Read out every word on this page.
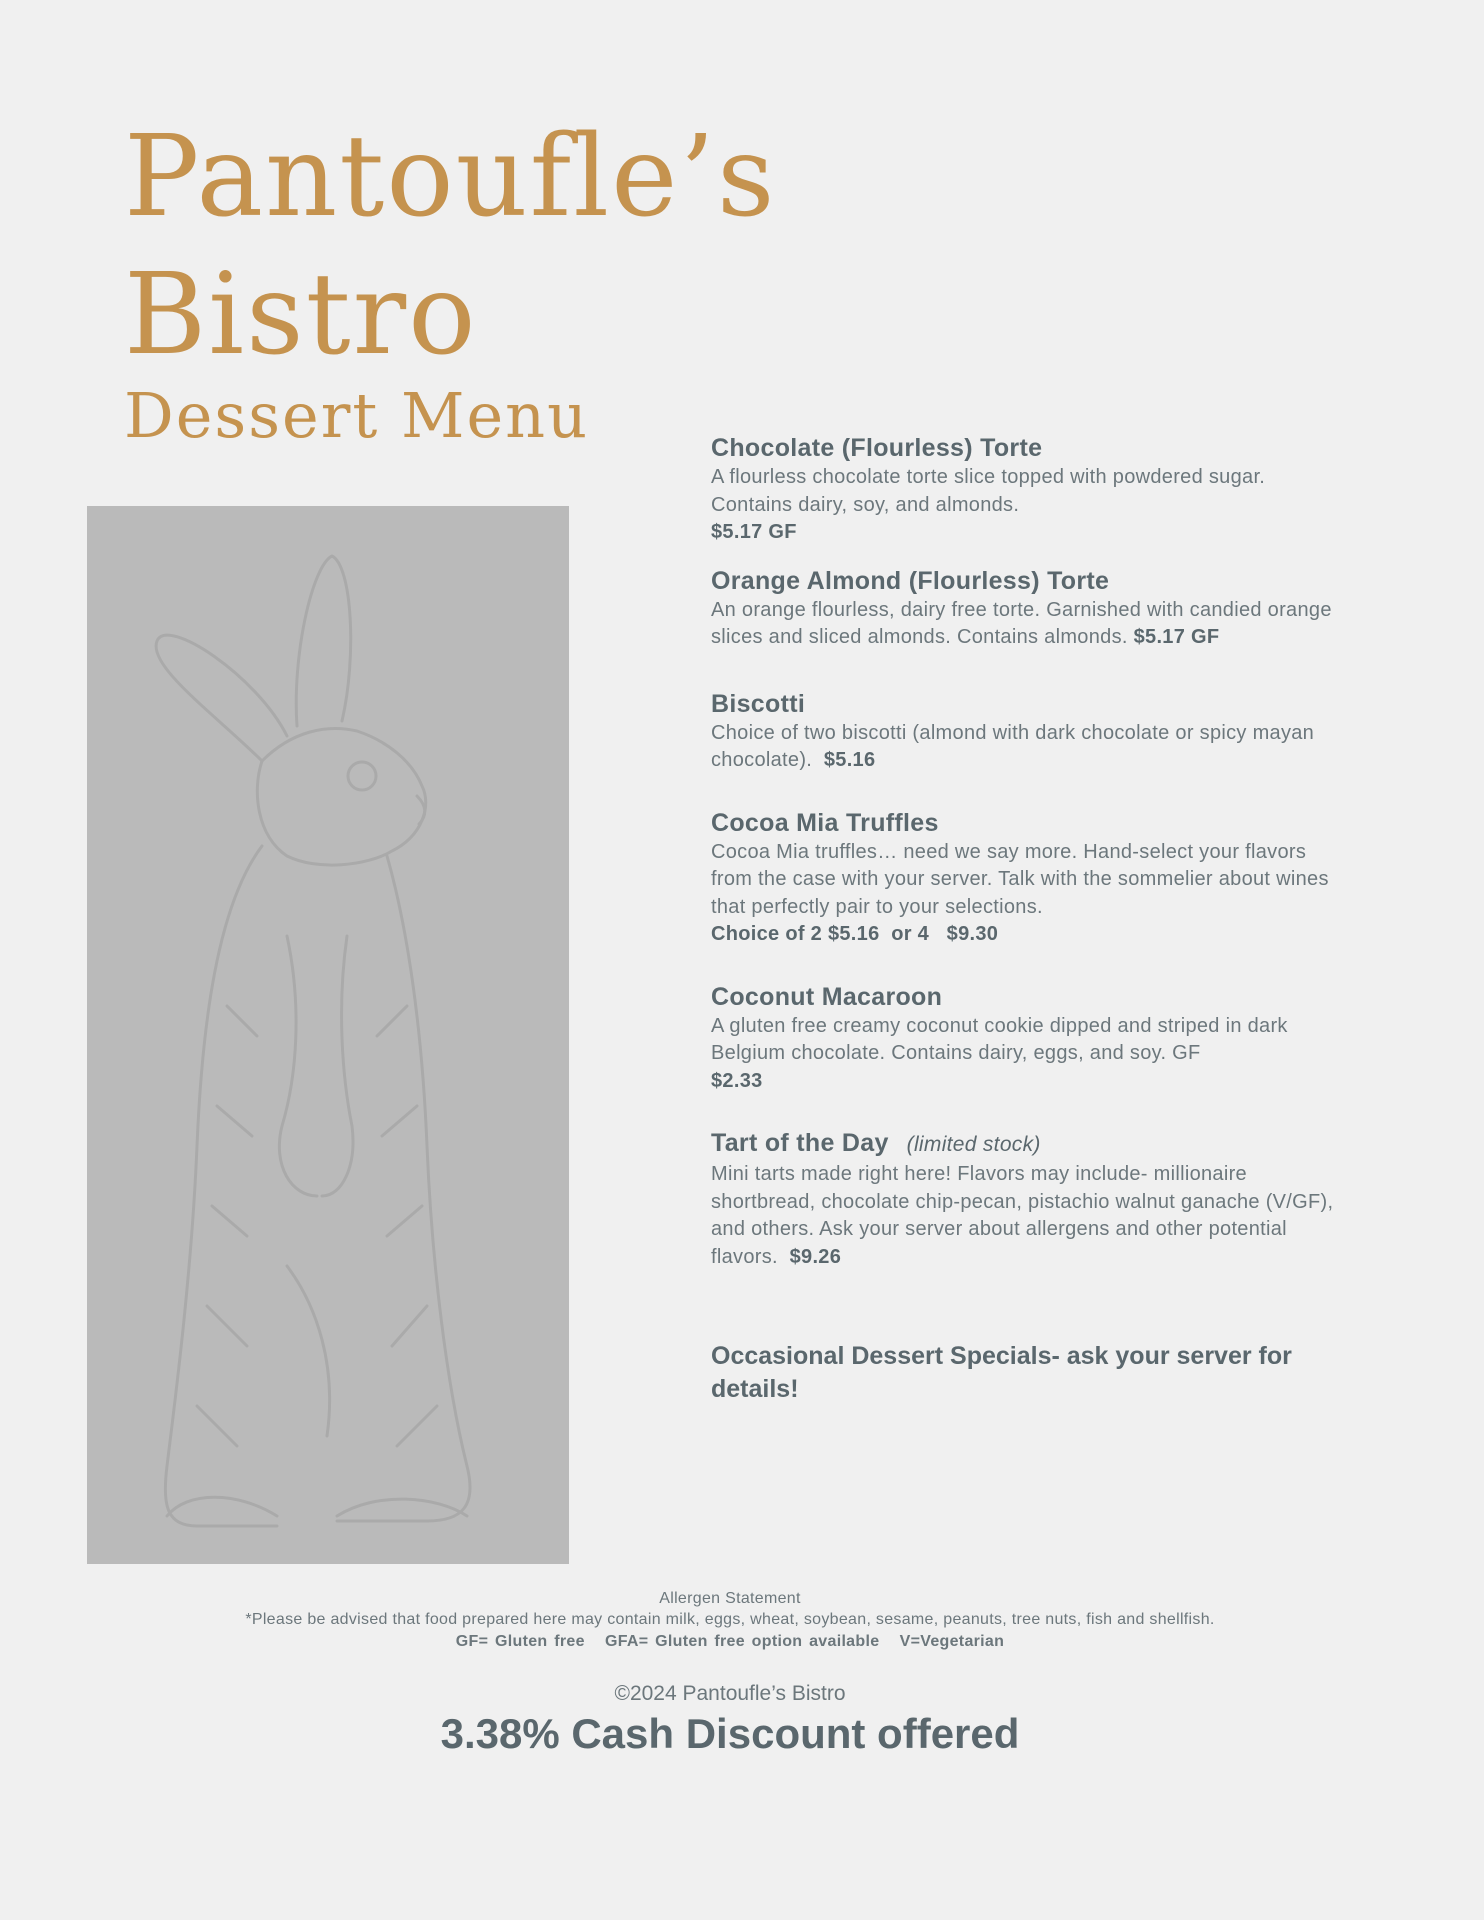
Pantoufle’s
Bistro
Dessert Menu	Chocolate (Flourless) Torte
A flourless chocolate torte slice topped with powdered sugar. Contains dairy, soy, and almonds.
$5.17 GF
Orange Almond (Flourless) Torte
An orange flourless, dairy free torte. Garnished with candied orange slices and sliced almonds. Contains almonds. $5.17 GF
Biscotti
Choice of two biscotti (almond with dark chocolate or spicy mayan chocolate). $5.16
Cocoa Mia Truffles
Cocoa Mia truffles… need we say more. Hand-select your flavors from the case with your server. Talk with the sommelier about wines that perfectly pair to your selections.
Choice of 2 $5.16  or 4   $9.30
Coconut Macaroon
A gluten free creamy coconut cookie dipped and striped in dark Belgium chocolate. Contains dairy, eggs, and soy. GF
$2.33
Tart of the Day (limited stock)
Mini tarts made right here! Flavors may include- millionaire shortbread, chocolate chip-pecan, pistachio walnut ganache (V/GF), and others. Ask your server about allergens and other potential flavors. $9.26
Occasional Dessert Specials- ask your server for details!
Allergen Statement
*Please be advised that food prepared here may contain milk, eggs, wheat, soybean, sesame, peanuts, tree nuts, fish and shellfish.
GF= Gluten free   GFA= Gluten free option available   V=Vegetarian
©2024 Pantoufle’s Bistro
3.38% Cash Discount offered
